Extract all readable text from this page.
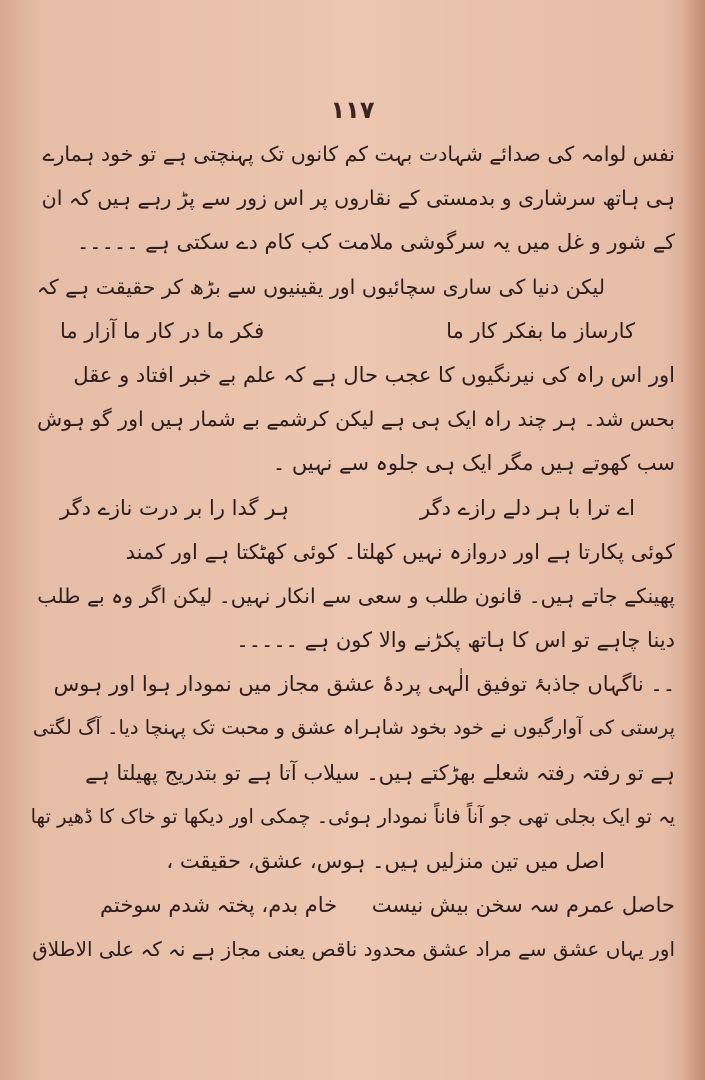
۱۱۷
نفس لوامہ کی صدائے شہادت بہت کم کانوں تک پہنچتی ہے تو خود ہمارے
ہی ہاتھ سرشاری و بدمستی کے نقاروں پر اس زور سے پڑ رہے ہیں کہ ان
کے شور و غل میں یہ سرگوشی ملامت کب کام دے سکتی ہے ۔۔۔۔۔
لیکن دنیا کی ساری سچائیوں اور یقینیوں سے بڑھ کر حقیقت ہے کہ
کارساز ما بفکر کار ما
فکر ما در کار ما آزار ما
اور اس راہ کی نیرنگیوں کا عجب حال ہے کہ علم بے خبر افتاد و عقل
بحس شد۔ ہر چند راہ ایک ہی ہے لیکن کرشمے بے شمار ہیں اور گو ہوش
سب کھوتے ہیں مگر ایک ہی جلوہ سے نہیں ۔
اے ترا با ہر دلے رازے دگر
ہر گدا را بر درت نازے دگر
کوئی پکارتا ہے اور دروازہ نہیں کھلتا۔ کوئی کھٹکتا ہے اور کمند
پھینکے جاتے ہیں۔ قانون طلب و سعی سے انکار نہیں۔ لیکن اگر وہ بے طلب
دینا چاہے تو اس کا ہاتھ پکڑنے والا کون ہے ۔۔۔۔۔
۔۔ ناگہاں جاذبۂ توفیق الٰہی پردۂ عشق مجاز میں نمودار ہوا اور ہوس
پرستی کی آوارگیوں نے خود بخود شاہراہ عشق و محبت تک پہنچا دیا۔ آگ لگتی
ہے تو رفتہ رفتہ شعلے بھڑکتے ہیں۔ سیلاب آتا ہے تو بتدریج پھیلتا ہے
یہ تو ایک بجلی تھی جو آناً فاناً نمودار ہوئی۔ چمکی اور دیکھا تو خاک کا ڈھیر تھا
اصل میں تین منزلیں ہیں۔ ہوس، عشق، حقیقت ،
حاصل عمرم سہ سخن بیش نیست
خام بدم، پختہ شدم سوختم
اور یہاں عشق سے مراد عشق محدود ناقص یعنی مجاز ہے نہ کہ علی الاطلاق
